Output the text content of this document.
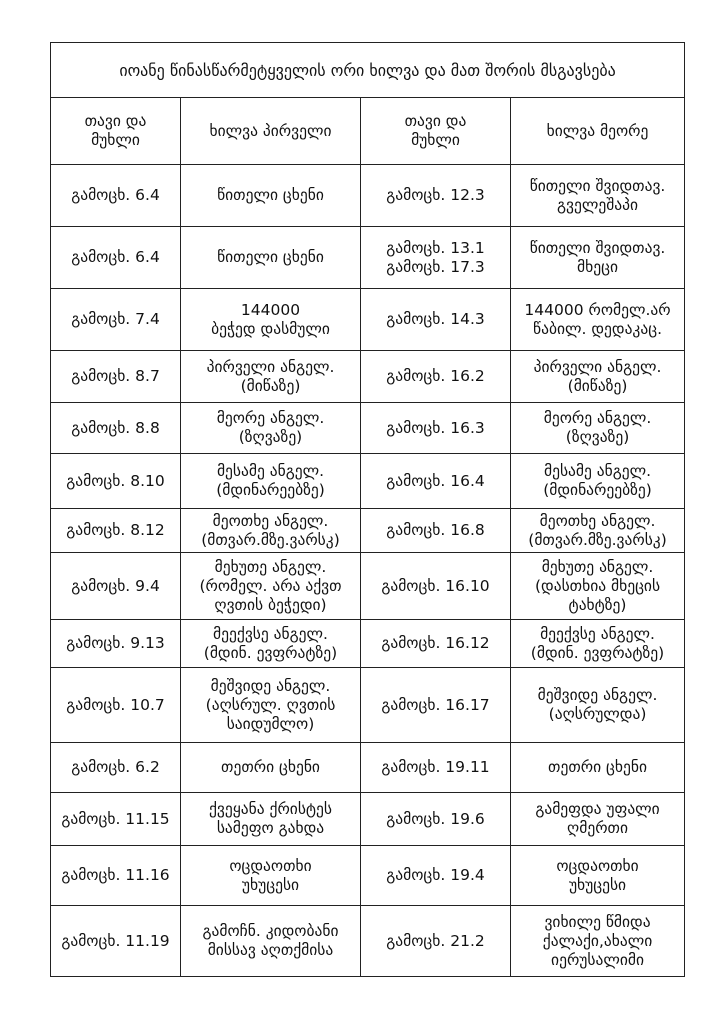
იოანე წინასწარმეტყველის ორი ხილვა და მათ შორის მსგავსება			

თავი და
მუხლი	ხილვა პირველი	თავი და
მუხლი	ხილვა მეორე

გამოცხ. 6.4	წითელი ცხენი	გამოცხ. 12.3	წითელი შვიდთავ.
გველეშაპი

გამოცხ. 6.4	წითელი ცხენი	გამოცხ. 13.1
გამოცხ. 17.3	წითელი შვიდთავ.
მხეცი

გამოცხ. 7.4	144000
ბეჭედ დასმული	გამოცხ. 14.3	144000 რომელ.არ
წაბილ. დედაკაც.

გამოცხ. 8.7	პირველი ანგელ.
(მიწაზე)	გამოცხ. 16.2	პირველი ანგელ.
(მიწაზე)

გამოცხ. 8.8	მეორე ანგელ.
(ზღვაზე)	გამოცხ. 16.3	მეორე ანგელ.
(ზღვაზე)

გამოცხ. 8.10	მესამე ანგელ.
(მდინარეებზე)	გამოცხ. 16.4	მესამე ანგელ.
(მდინარეებზე)

გამოცხ. 8.12	მეოთხე ანგელ.
(მთვარ.მზე.ვარსკ)	გამოცხ. 16.8	მეოთხე ანგელ.
(მთვარ.მზე.ვარსკ)

გამოცხ. 9.4	მეხუთე ანგელ.
(რომელ. არა აქვთ
ღვთის ბეჭედი)	გამოცხ. 16.10	მეხუთე ანგელ.
(დასთხია მხეცის
ტახტზე)

გამოცხ. 9.13	მეექვსე ანგელ.
(მდინ. ევფრატზე)	გამოცხ. 16.12	მეექვსე ანგელ.
(მდინ. ევფრატზე)

გამოცხ. 10.7	მეშვიდე ანგელ.
(აღსრულ. ღვთის
საიდუმლო)	გამოცხ. 16.17	მეშვიდე ანგელ.
(აღსრულდა)

გამოცხ. 6.2	თეთრი ცხენი	გამოცხ. 19.11	თეთრი ცხენი

გამოცხ. 11.15	ქვეყანა ქრისტეს
სამეფო გახდა	გამოცხ. 19.6	გამეფდა უფალი
ღმერთი

გამოცხ. 11.16	ოცდაოთხი
უხუცესი	გამოცხ. 19.4	ოცდაოთხი
უხუცესი

გამოცხ. 11.19	გამოჩნ. კიდობანი
მისსავ აღთქმისა	გამოცხ. 21.2	ვიხილე წმიდა
ქალაქი,ახალი
იერუსალიმი
